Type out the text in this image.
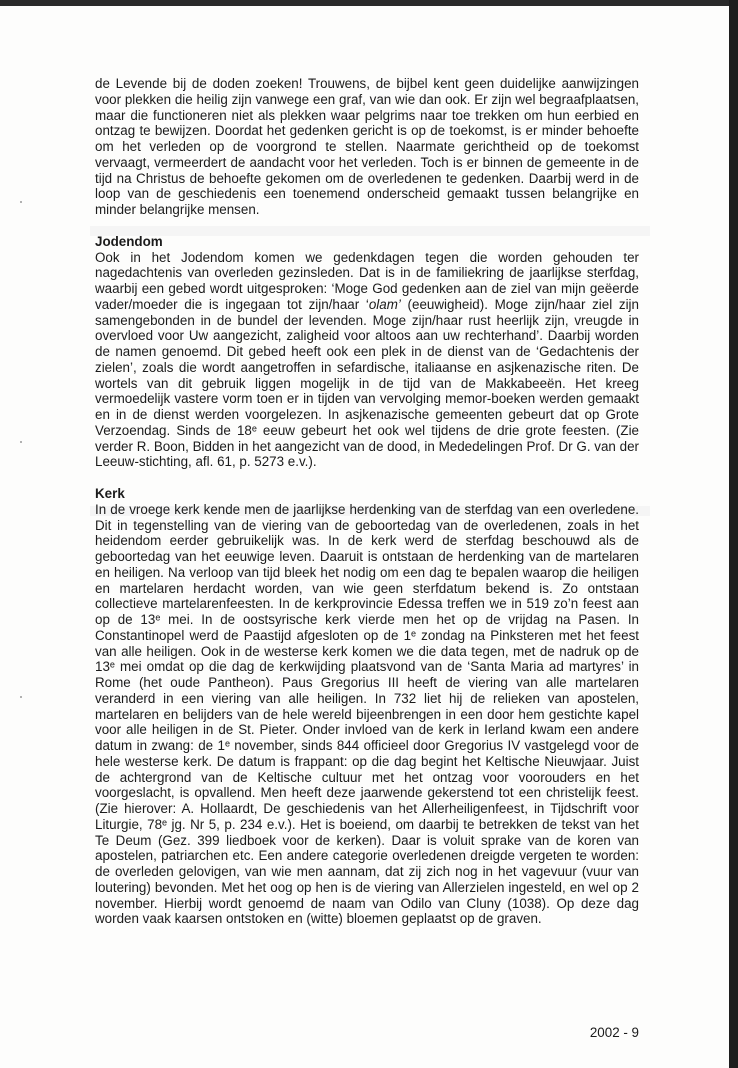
de Levende bij de doden zoeken! Trouwens, de bijbel kent geen duidelijke aanwijzingen voor plekken die heilig zijn vanwege een graf, van wie dan ook. Er zijn wel begraafplaatsen, maar die functioneren niet als plekken waar pelgrims naar toe trekken om hun eerbied en ontzag te bewijzen. Doordat het gedenken gericht is op de toekomst, is er minder behoefte om het verleden op de voorgrond te stellen. Naarmate gerichtheid op de toekomst vervaagt, vermeerdert de aandacht voor het verleden. Toch is er binnen de gemeente in de tijd na Christus de behoefte gekomen om de overledenen te gedenken. Daarbij werd in de loop van de geschiedenis een toenemend onderscheid gemaakt tussen belangrijke en minder belangrijke mensen.

Jodendom

Ook in het Jodendom komen we gedenkdagen tegen die worden gehouden ter nagedachtenis van overleden gezinsleden. Dat is in de familiekring de jaarlijkse sterfdag, waarbij een gebed wordt uitgesproken: ‘Moge God gedenken aan de ziel van mijn geëerde vader/moeder die is ingegaan tot zijn/haar ‘olam’ (eeuwigheid). Moge zijn/haar ziel zijn samengebonden in de bundel der levenden. Moge zijn/haar rust heerlijk zijn, vreugde in overvloed voor Uw aangezicht, zaligheid voor altoos aan uw rechterhand’. Daarbij worden de namen genoemd. Dit gebed heeft ook een plek in de dienst van de ‘Gedachtenis der zielen’, zoals die wordt aangetroffen in sefardische, italiaanse en asjkenazische riten. De wortels van dit gebruik liggen mogelijk in de tijd van de Makkabeeën. Het kreeg vermoedelijk vastere vorm toen er in tijden van vervolging memor-boeken werden gemaakt en in de dienst werden voorgelezen. In asjkenazische gemeenten gebeurt dat op Grote Verzoendag. Sinds de 18ᵉ eeuw gebeurt het ook wel tijdens de drie grote feesten. (Zie verder R. Boon, Bidden in het aangezicht van de dood, in Mededelingen Prof. Dr G. van der Leeuw-stichting, afl. 61, p. 5273 e.v.).

Kerk

In de vroege kerk kende men de jaarlijkse herdenking van de sterfdag van een overledene. Dit in tegenstelling van de viering van de geboortedag van de overledenen, zoals in het heidendom eerder gebruikelijk was. In de kerk werd de sterfdag beschouwd als de geboortedag van het eeuwige leven. Daaruit is ontstaan de herdenking van de martelaren en heiligen. Na verloop van tijd bleek het nodig om een dag te bepalen waarop die heiligen en martelaren herdacht worden, van wie geen sterfdatum bekend is. Zo ontstaan collectieve martelarenfeesten. In de kerkprovincie Edessa treffen we in 519 zo’n feest aan op de 13ᵉ mei. In de oostsyrische kerk vierde men het op de vrijdag na Pasen. In Constantinopel werd de Paastijd afgesloten op de 1ᵉ zondag na Pinksteren met het feest van alle heiligen. Ook in de westerse kerk komen we die data tegen, met de nadruk op de 13ᵉ mei omdat op die dag de kerkwijding plaatsvond van de ‘Santa Maria ad martyres’ in Rome (het oude Pantheon). Paus Gregorius III heeft de viering van alle martelaren veranderd in een viering van alle heiligen. In 732 liet hij de relieken van apostelen, martelaren en belijders van de hele wereld bijeenbrengen in een door hem gestichte kapel voor alle heiligen in de St. Pieter. Onder invloed van de kerk in Ierland kwam een andere datum in zwang: de 1ᵉ november, sinds 844 officieel door Gregorius IV vastgelegd voor de hele westerse kerk. De datum is frappant: op die dag begint het Keltische Nieuwjaar. Juist de achtergrond van de Keltische cultuur met het ontzag voor voorouders en het voorgeslacht, is opvallend. Men heeft deze jaarwende gekerstend tot een christelijk feest. (Zie hierover: A. Hollaardt, De geschiedenis van het Allerheiligenfeest, in Tijdschrift voor Liturgie, 78ᵉ jg. Nr 5, p. 234 e.v.). Het is boeiend, om daarbij te betrekken de tekst van het Te Deum (Gez. 399 liedboek voor de kerken). Daar is voluit sprake van de koren van apostelen, patriarchen etc. Een andere categorie overledenen dreigde vergeten te worden: de overleden gelovigen, van wie men aannam, dat zij zich nog in het vagevuur (vuur van loutering) bevonden. Met het oog op hen is de viering van Allerzielen ingesteld, en wel op 2 november. Hierbij wordt genoemd de naam van Odilo van Cluny (1038). Op deze dag worden vaak kaarsen ontstoken en (witte) bloemen geplaatst op de graven.

2002 - 9
